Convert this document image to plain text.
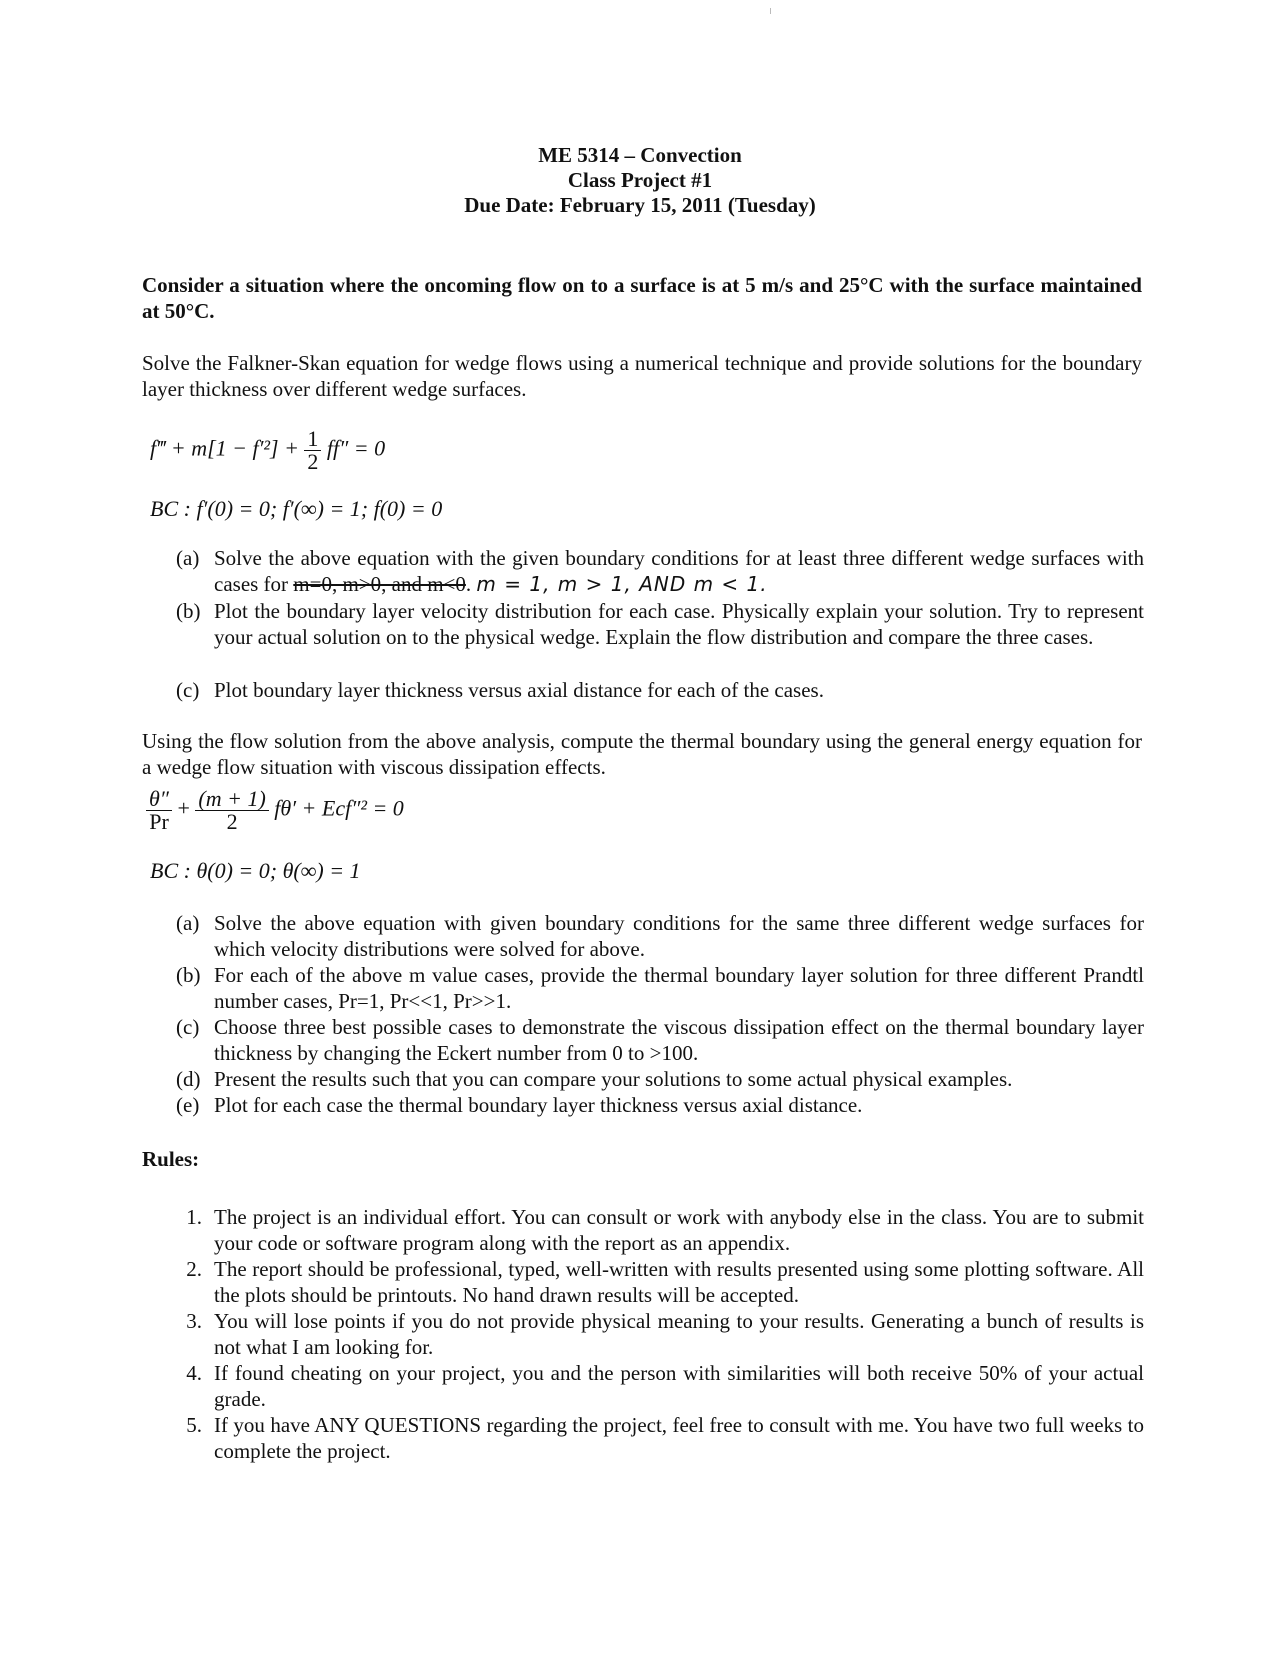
ME 5314 – Convection
Class Project #1
Due Date: February 15, 2011 (Tuesday)
Consider a situation where the oncoming flow on to a surface is at 5 m/s and 25°C with the surface maintained at 50°C.
Solve the Falkner-Skan equation for wedge flows using a numerical technique and provide solutions for the boundary layer thickness over different wedge surfaces.
f‴ + $m[1 - f'^2] + \frac{1}{2} ff'' = 0$
BC : f′(0) = 0; f′(∞) = 1; f(0) = 0
(a) Solve the above equation with the given boundary conditions for at least three different wedge surfaces with cases for m=0, m>0, and m<0. m = 1, m > 1, AND m < 1.
(b) Plot the boundary layer velocity distribution for each case. Physically explain your solution. Try to represent your actual solution on to the physical wedge. Explain the flow distribution and compare the three cases.
(c) Plot boundary layer thickness versus axial distance for each of the cases.
Using the flow solution from the above analysis, compute the thermal boundary using the general energy equation for a wedge flow situation with viscous dissipation effects.
$\frac{\theta''}{Pr} + \frac{(m + 1)}{2} f\theta' + Ecf''^2 = 0$
BC : θ(0) = 0; θ(∞) = 1
(a) Solve the above equation with given boundary conditions for the same three different wedge surfaces for which velocity distributions were solved for above.
(b) For each of the above m value cases, provide the thermal boundary layer solution for three different Prandtl number cases, Pr=1, Pr<<1, Pr>>1.
(c) Choose three best possible cases to demonstrate the viscous dissipation effect on the thermal boundary layer thickness by changing the Eckert number from 0 to >100.
(d) Present the results such that you can compare your solutions to some actual physical examples.
(e) Plot for each case the thermal boundary layer thickness versus axial distance.
Rules:
1. The project is an individual effort. You can consult or work with anybody else in the class. You are to submit your code or software program along with the report as an appendix.
2. The report should be professional, typed, well-written with results presented using some plotting software. All the plots should be printouts. No hand drawn results will be accepted.
3. You will lose points if you do not provide physical meaning to your results. Generating a bunch of results is not what I am looking for.
4. If found cheating on your project, you and the person with similarities will both receive 50% of your actual grade.
5. If you have ANY QUESTIONS regarding the project, feel free to consult with me. You have two full weeks to complete the project.
